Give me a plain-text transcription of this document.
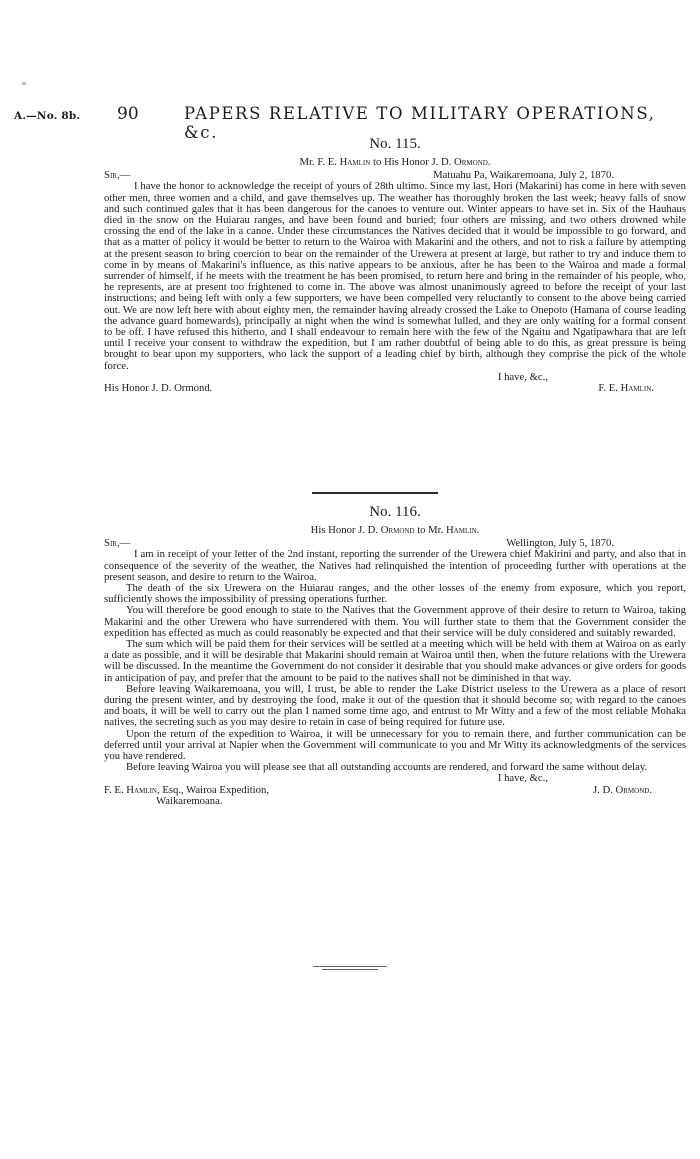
A.—No. 8b. 90	PAPERS RELATIVE TO MILITARY OPERATIONS, &c.
No. 115.
Mr. F. E. Hamlin to His Honor J. D. Ormond.
Sir,—	Matuahu Pa, Waikaremoana, July 2, 1870.

I have the honor to acknowledge the receipt of yours of 28th ultimo. Since my last, Hori (Makarini) has come in here with seven other men, three women and a child, and gave themselves up. The weather has thoroughly broken the last week; heavy falls of snow and such continued gales that it has been dangerous for the canoes to venture out. Winter appears to have set in. Six of the Hauhaus died in the snow on the Huiarau ranges, and have been found and buried; four others are missing, and two others drowned while crossing the end of the lake in a canoe. Under these circumstances the Natives decided that it would be impossible to go forward, and that as a matter of policy it would be better to return to the Wairoa with Makarini and the others, and not to risk a failure by attempting at the present season to bring coercion to bear on the remainder of the Urewera at present at large, but rather to try and induce them to come in by means of Makarini's influence, as this native appears to be anxious, after he has been to the Wairoa and made a formal surrender of himself, if he meets with the treatment he has been promised, to return here and bring in the remainder of his people, who, he represents, are at present too frightened to come in. The above was almost unanimously agreed to before the receipt of your last instructions; and being left with only a few supporters, we have been compelled very reluctantly to consent to the above being carried out. We are now left here with about eighty men, the remainder having already crossed the Lake to Onepoto (Hamana of course leading the advance guard homewards), principally at night when the wind is somewhat lulled, and they are only waiting for a formal consent to be off. I have refused this hitherto, and I shall endeavour to remain here with the few of the Ngaitu and Ngatipawhara that are left until I receive your consent to withdraw the expedition, but I am rather doubtful of being able to do this, as great pressure is being brought to bear upon my supporters, who lack the support of a leading chief by birth, although they comprise the pick of the whole force.

I have, &c.,
His Honor J. D. Ormond.	F. E. Hamlin.
No. 116.
His Honor J. D. Ormond to Mr. Hamlin.
Sir,—	Wellington, July 5, 1870.

I am in receipt of your letter of the 2nd instant, reporting the surrender of the Urewera chief Makirini and party, and also that in consequence of the severity of the weather, the Natives had relinquished the intention of proceeding further with operations at the present season, and desire to return to the Wairoa.

The death of the six Urewera on the Huiarau ranges, and the other losses of the enemy from exposure, which you report, sufficiently shows the impossibility of pressing operations further.

You will therefore be good enough to state to the Natives that the Government approve of their desire to return to Wairoa, taking Makarini and the other Urewera who have surrendered with them. You will further state to them that the Government consider the expedition has effected as much as could reasonably be expected and that their service will be duly considered and suitably rewarded.

The sum which will be paid them for their services will be settled at a meeting which will be held with them at Wairoa on as early a date as possible, and it will be desirable that Makarini should remain at Wairoa until then, when the future relations with the Urewera will be discussed. In the meantime the Government do not consider it desirable that you should make advances or give orders for goods in anticipation of pay, and prefer that the amount to be paid to the natives shall not be diminished in that way.

Before leaving Waikaremoana, you will, I trust, be able to render the Lake District useless to the Urewera as a place of resort during the present winter, and by destroying the food, make it out of the question that it should become so; with regard to the canoes and boats, it will be well to carry out the plan I named some time ago, and entrust to Mr Witty and a few of the most reliable Mohaka natives, the secreting such as you may desire to retain in case of being required for future use.

Upon the return of the expedition to Wairoa, it will be unnecessary for you to remain there, and further communication can be deferred until your arrival at Napier when the Government will communicate to you and Mr Witty its acknowledgments of the services you have rendered.

Before leaving Wairoa you will please see that all outstanding accounts are rendered, and forward the same without delay.

I have, &c.,
F. E. Hamlin, Esq., Wairoa Expedition,	J. D. Ormond.
Waikaremoana.
